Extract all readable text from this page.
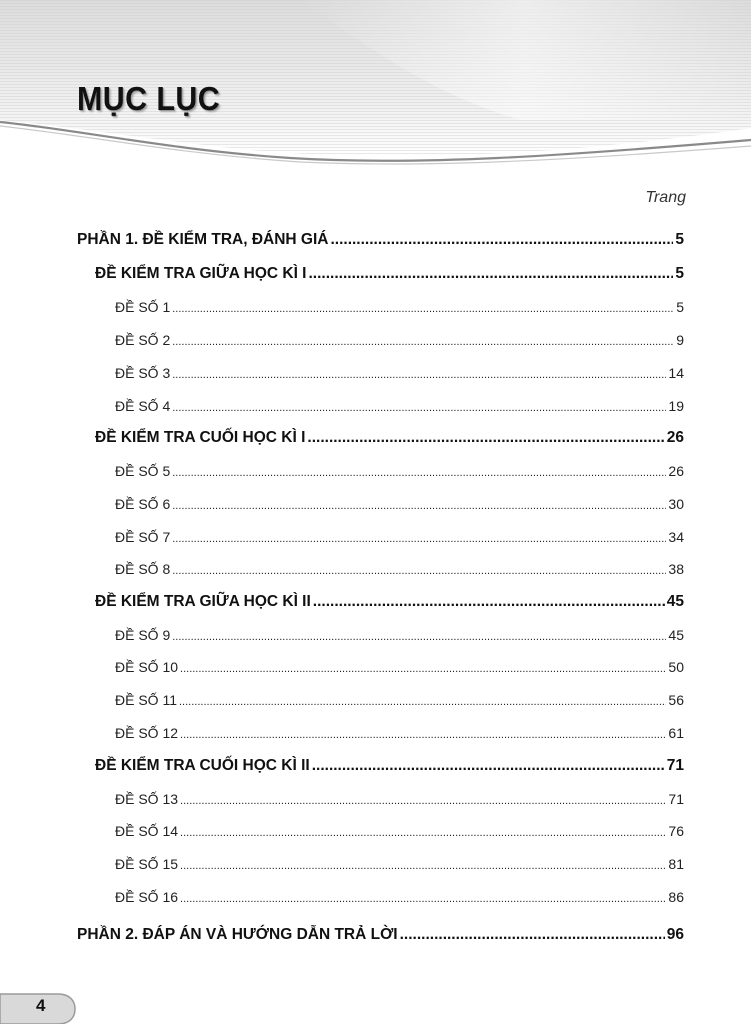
MỤC LỤC
Trang
PHẦN 1. ĐỀ KIỂM TRA, ĐÁNH GIÁ .....	5
ĐỀ KIỂM TRA GIỮA HỌC KÌ I .....	5
ĐỀ SỐ 1 .....	5
ĐỀ SỐ 2 .....	9
ĐỀ SỐ 3 .....	14
ĐỀ SỐ 4 .....	19
ĐỀ KIỂM TRA CUỐI HỌC KÌ I .....	26
ĐỀ SỐ 5 .....	26
ĐỀ SỐ 6 .....	30
ĐỀ SỐ 7 .....	34
ĐỀ SỐ 8 .....	38
ĐỀ KIỂM TRA GIỮA HỌC KÌ II .....	45
ĐỀ SỐ 9 .....	45
ĐỀ SỐ 10 .....	50
ĐỀ SỐ 11 .....	56
ĐỀ SỐ 12 .....	61
ĐỀ KIỂM TRA CUỐI HỌC KÌ II .....	71
ĐỀ SỐ 13 .....	71
ĐỀ SỐ 14 .....	76
ĐỀ SỐ 15 .....	81
ĐỀ SỐ 16 .....	86
PHẦN 2. ĐÁP ÁN VÀ HƯỚNG DẪN TRẢ LỜI .....	96
4
